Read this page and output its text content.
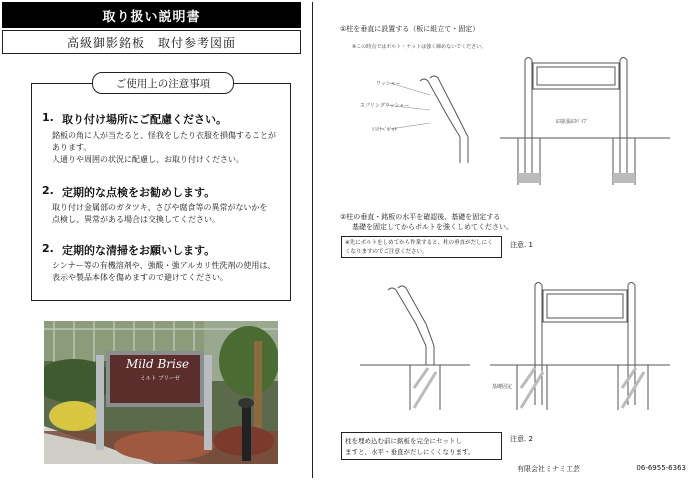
取り扱い説明書
高級御影銘板　取付参考図面
ご使用上の注意事項
1. 取り付け場所にご配慮ください。
銘板の角に人が当たると、怪我をしたり衣服を損傷することが
あります。
人通りや周囲の状況に配慮し、お取り付けください。
2. 定期的な点検をお勧めします。
取り付け金属部のガタツキ、さびや腐食等の異常がないかを
点検し、異常がある場合は交換してください。
2. 定期的な清掃をお願いします。
シンナー等の有機溶剤や、強酸・強アルカリ性洗剤の使用は、
表示や製品本体を傷めますので避けてください。
Mild Brise
ミルト ブリーゼ
①柱を垂直に設置する（板に組立て・固定）
※この時点ではボルト・ナットは強く締めないでください。
ワッシャー
スプリングワッシャー
ﾄﾐﾘﾅﾍﾞﾎﾞﾙﾄ
ﾛｽ拡張ﾛｽﾊﾟｲﾌﾟ
②柱の垂直・銘板の水平を確認後、基礎を固定する
基礎を固定してからボルトを強くしめてください。
※先にボルトをしめてから作業すると、柱の垂直がだしにく
くなりますのでご注意ください。
注意. 1
基礎固定
柱を埋め込む前に銘板を完全にセットし
ますと、水平・垂直がだしにくくなります。
注意. 2
有限会社ミナミ工芸	06-6955-6363
